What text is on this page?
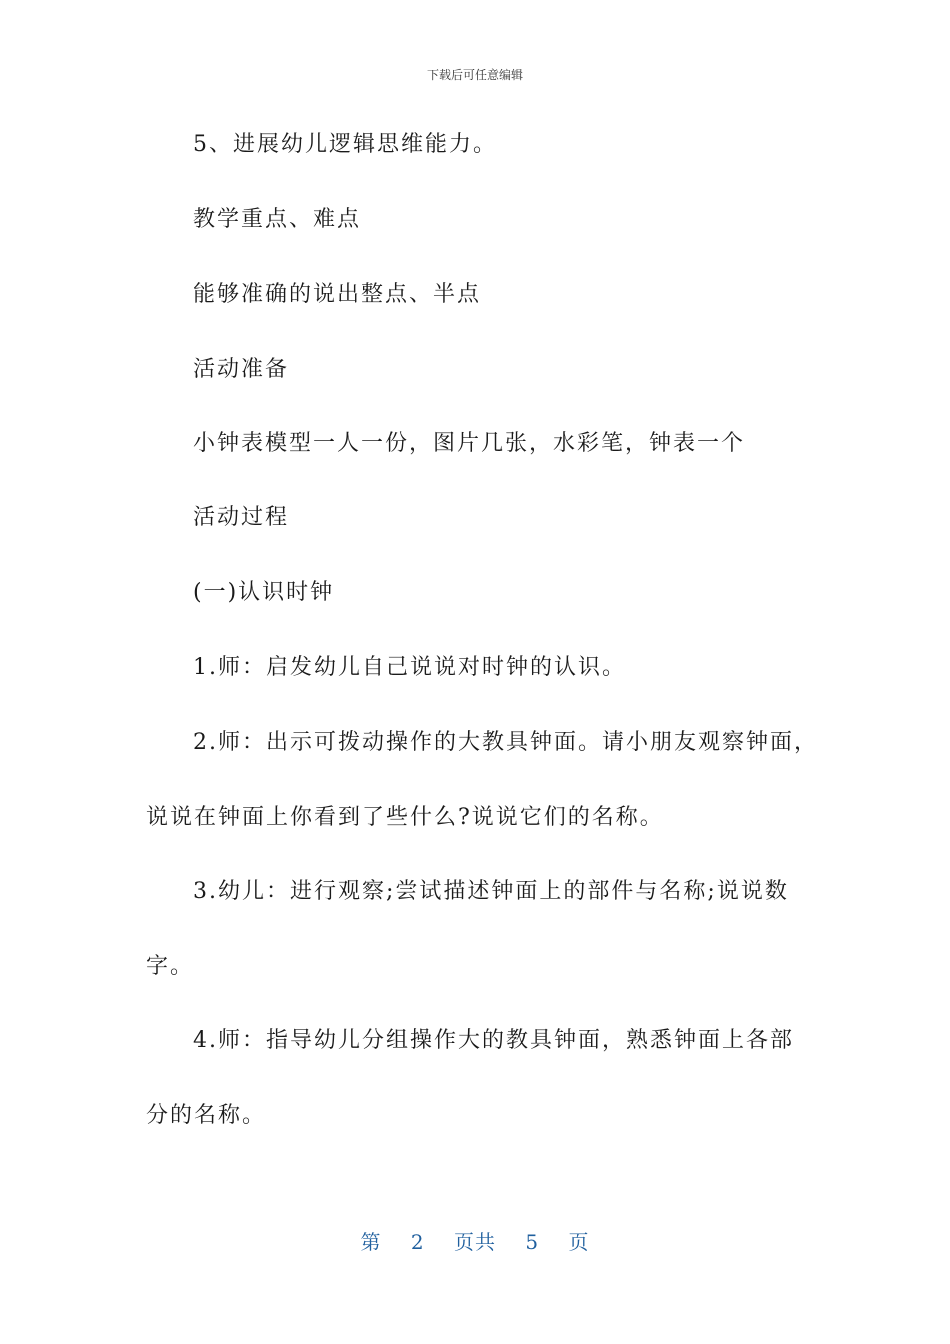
下载后可任意编辑
5、进展幼儿逻辑思维能力。
教学重点、难点
能够准确的说出整点、半点
活动准备
小钟表模型一人一份，图片几张，水彩笔，钟表一个
活动过程
(一)认识时钟
1.师：启发幼儿自己说说对时钟的认识。
2.师：出示可拨动操作的大教具钟面。请小朋友观察钟面，
说说在钟面上你看到了些什么?说说它们的名称。
3.幼儿：进行观察;尝试描述钟面上的部件与名称;说说数
字。
4.师：指导幼儿分组操作大的教具钟面，熟悉钟面上各部
分的名称。
第 2 页共 5 页
